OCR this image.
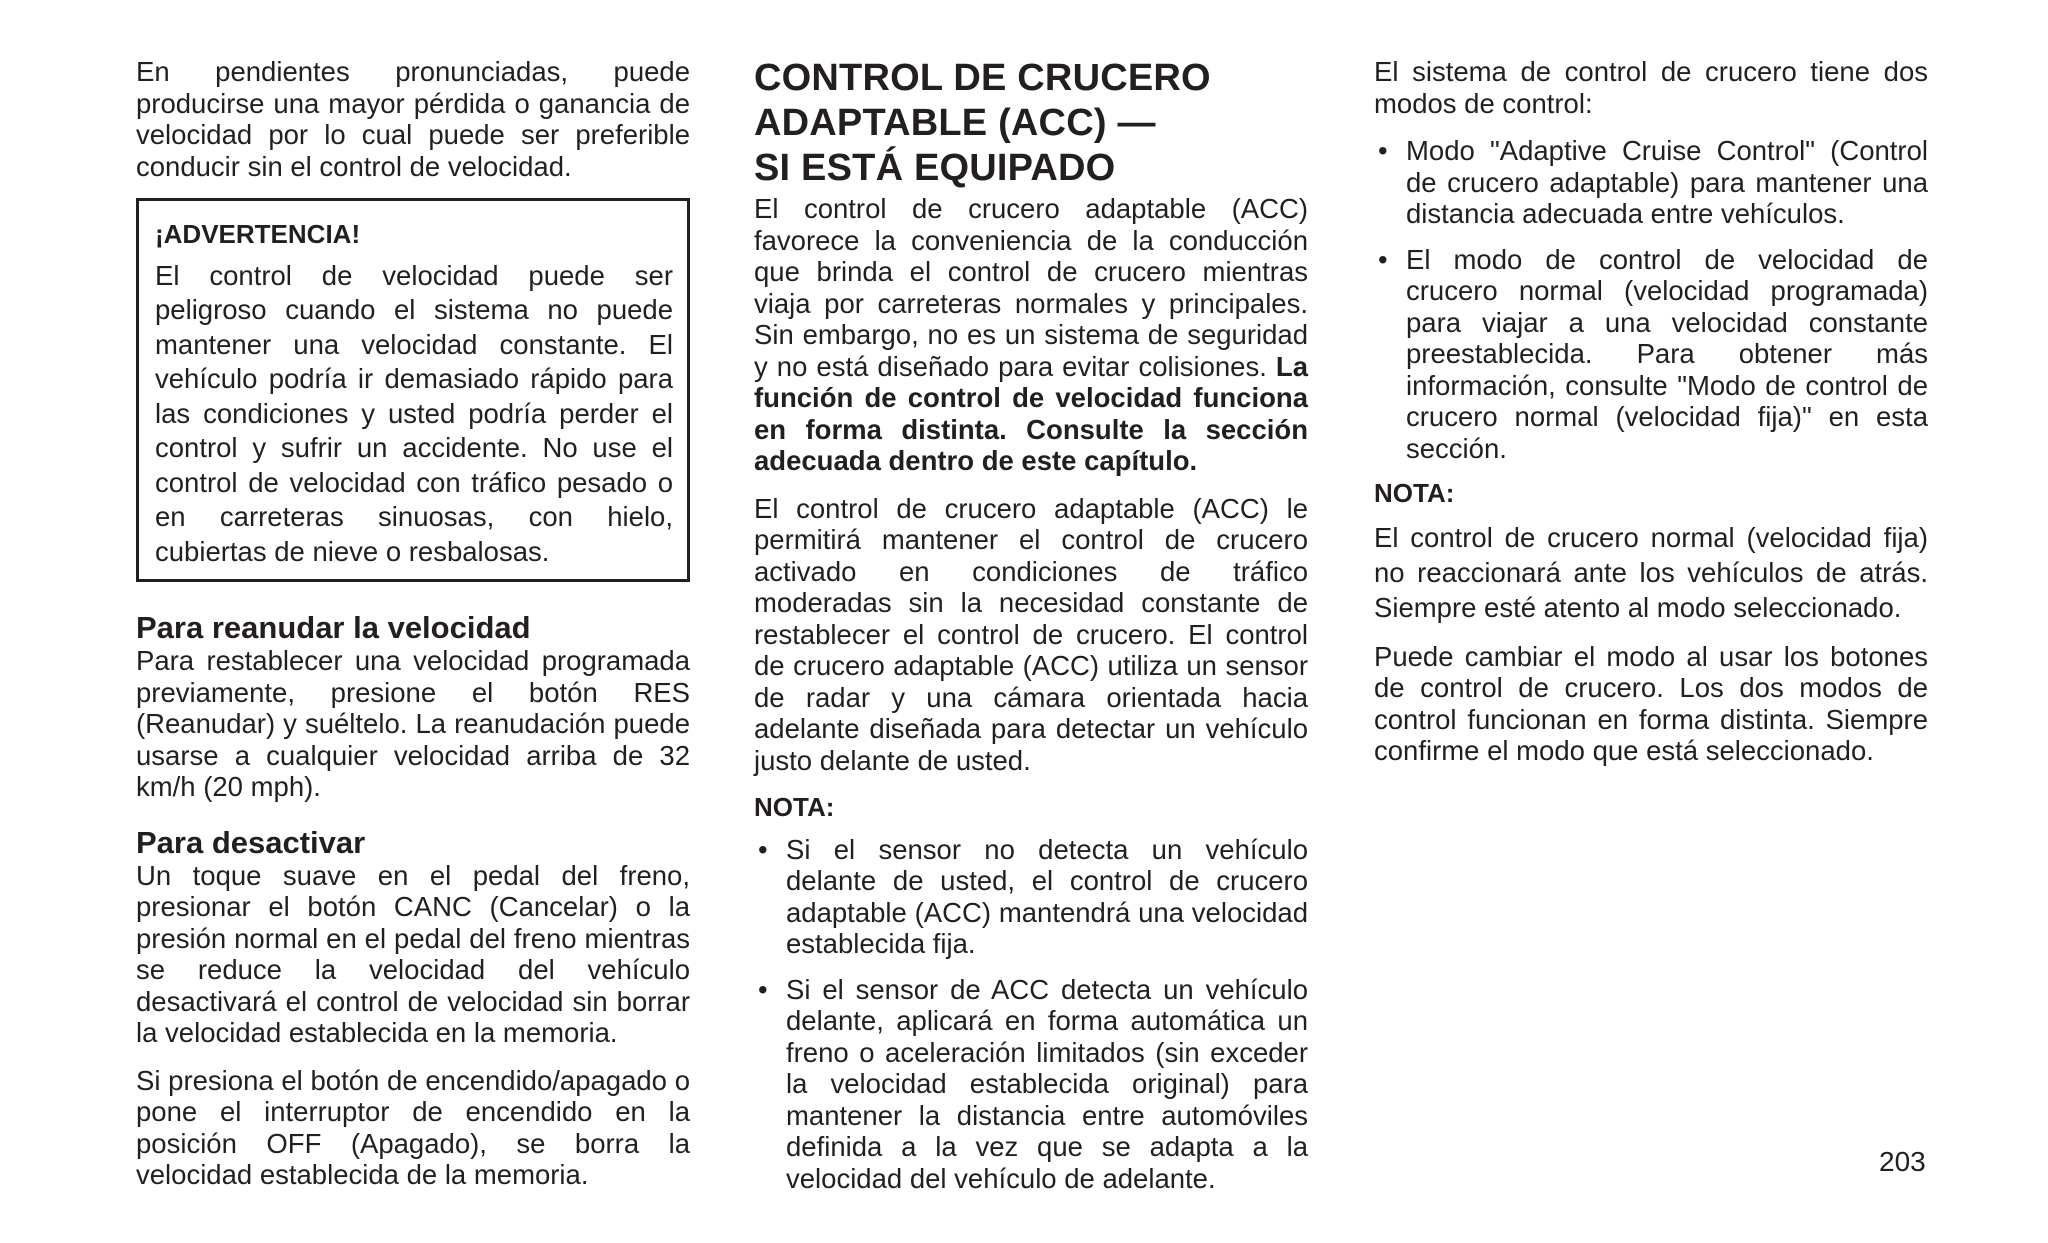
En pendientes pronunciadas, puede producirse una mayor pérdida o ganancia de velocidad por lo cual puede ser preferible conducir sin el control de velocidad.

¡ADVERTENCIA!

El control de velocidad puede ser peligroso cuando el sistema no puede mantener una velocidad constante. El vehículo podría ir demasiado rápido para las condiciones y usted podría perder el control y sufrir un accidente. No use el control de velocidad con tráfico pesado o en carreteras sinuosas, con hielo, cubiertas de nieve o resbalosas.

Para reanudar la velocidad

Para restablecer una velocidad programada previamente, presione el botón RES (Reanudar) y suéltelo. La reanudación puede usarse a cualquier velocidad arriba de 32 km/h (20 mph).

Para desactivar

Un toque suave en el pedal del freno, presionar el botón CANC (Cancelar) o la presión normal en el pedal del freno mientras se reduce la velocidad del vehículo desactivará el control de velocidad sin borrar la velocidad establecida en la memoria.

Si presiona el botón de encendido/apagado o pone el interruptor de encendido en la posición OFF (Apagado), se borra la velocidad establecida de la memoria.

CONTROL DE CRUCERO
ADAPTABLE (ACC) —
SI ESTÁ EQUIPADO

El control de crucero adaptable (ACC) favorece la conveniencia de la conducción que brinda el control de crucero mientras viaja por carreteras normales y principales. Sin embargo, no es un sistema de seguridad y no está diseñado para evitar colisiones. La función de control de velocidad funciona en forma distinta. Consulte la sección adecuada dentro de este capítulo.

El control de crucero adaptable (ACC) le permitirá mantener el control de crucero activado en condiciones de tráfico moderadas sin la necesidad constante de restablecer el control de crucero. El control de crucero adaptable (ACC) utiliza un sensor de radar y una cámara orientada hacia adelante diseñada para detectar un vehículo justo delante de usted.

NOTA:
• Si el sensor no detecta un vehículo delante de usted, el control de crucero adaptable (ACC) mantendrá una velocidad establecida fija.
• Si el sensor de ACC detecta un vehículo delante, aplicará en forma automática un freno o aceleración limitados (sin exceder la velocidad establecida original) para mantener la distancia entre automóviles definida a la vez que se adapta a la velocidad del vehículo de adelante.

El sistema de control de crucero tiene dos modos de control:

• Modo "Adaptive Cruise Control" (Control de crucero adaptable) para mantener una distancia adecuada entre vehículos.
• El modo de control de velocidad de crucero normal (velocidad programada) para viajar a una velocidad constante preestablecida. Para obtener más información, consulte "Modo de control de crucero normal (velocidad fija)" en esta sección.
NOTA:

El control de crucero normal (velocidad fija) no reaccionará ante los vehículos de atrás. Siempre esté atento al modo seleccionado.

Puede cambiar el modo al usar los botones de control de crucero. Los dos modos de control funcionan en forma distinta. Siempre confirme el modo que está seleccionado.

203
